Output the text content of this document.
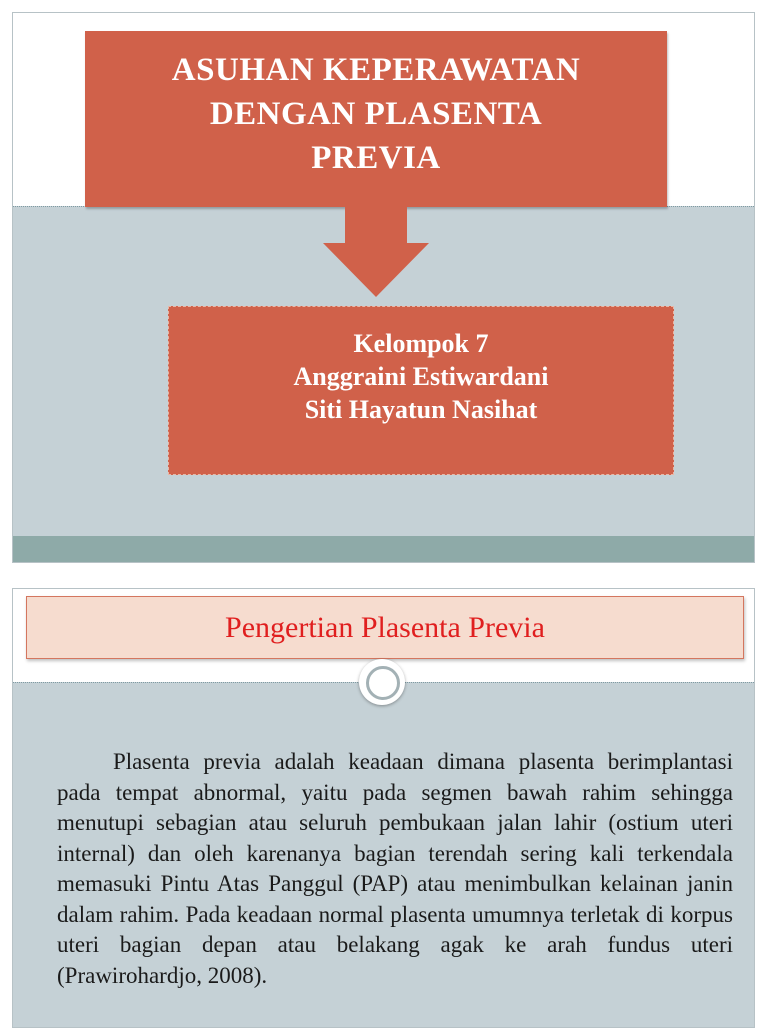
ASUHAN KEPERAWATAN
DENGAN PLASENTA
PREVIA
Kelompok 7
Anggraini Estiwardani
Siti Hayatun Nasihat
Pengertian Plasenta Previa

Plasenta previa adalah keadaan dimana plasenta berimplantasi pada tempat abnormal, yaitu pada segmen bawah rahim sehingga menutupi sebagian atau seluruh pembukaan jalan lahir (ostium uteri internal) dan oleh karenanya bagian terendah sering kali terkendala memasuki Pintu Atas Panggul (PAP) atau menimbulkan kelainan janin dalam rahim. Pada keadaan normal plasenta umumnya terletak di korpus uteri bagian depan atau belakang agak ke arah fundus uteri (Prawirohardjo, 2008).
